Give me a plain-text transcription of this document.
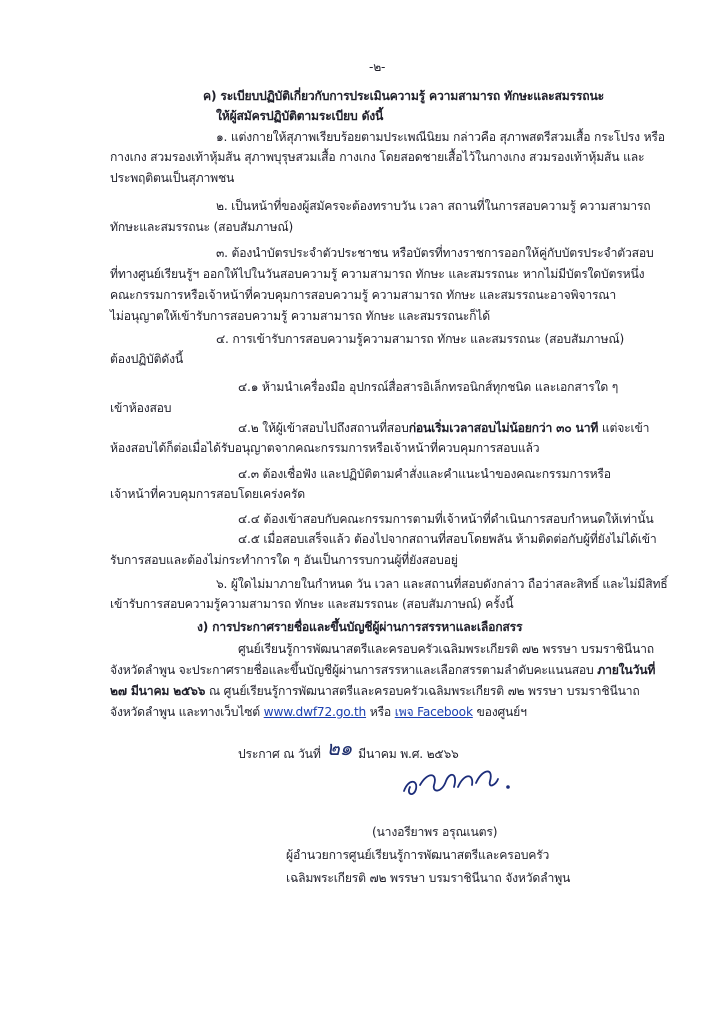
-๒-
ค) ระเบียบปฏิบัติเกี่ยวกับการประเมินความรู้ ความสามารถ ทักษะและสมรรถนะ
ให้ผู้สมัครปฏิบัติตามระเบียบ ดังนี้
๑. แต่งกายให้สุภาพเรียบร้อยตามประเพณีนิยม กล่าวคือ สุภาพสตรีสวมเสื้อ กระโปรง หรือ
กางเกง สวมรองเท้าหุ้มส้น สุภาพบุรุษสวมเสื้อ กางเกง โดยสอดชายเสื้อไว้ในกางเกง สวมรองเท้าหุ้มส้น และ
ประพฤติตนเป็นสุภาพชน
๒. เป็นหน้าที่ของผู้สมัครจะต้องทราบวัน เวลา สถานที่ในการสอบความรู้ ความสามารถ
ทักษะและสมรรถนะ (สอบสัมภาษณ์)
๓. ต้องนำบัตรประจำตัวประชาชน หรือบัตรที่ทางราชการออกให้คู่กับบัตรประจำตัวสอบ
ที่ทางศูนย์เรียนรู้ฯ ออกให้ไปในวันสอบความรู้ ความสามารถ ทักษะ และสมรรถนะ หากไม่มีบัตรใดบัตรหนึ่ง
คณะกรรมการหรือเจ้าหน้าที่ควบคุมการสอบความรู้ ความสามารถ ทักษะ และสมรรถนะอาจพิจารณา
ไม่อนุญาตให้เข้ารับการสอบความรู้ ความสามารถ ทักษะ และสมรรถนะก็ได้
๔. การเข้ารับการสอบความรู้ความสามารถ ทักษะ และสมรรถนะ (สอบสัมภาษณ์)
ต้องปฏิบัติดังนี้
๔.๑ ห้ามนำเครื่องมือ อุปกรณ์สื่อสารอิเล็กทรอนิกส์ทุกชนิด และเอกสารใด ๆ
เข้าห้องสอบ
๔.๒ ให้ผู้เข้าสอบไปถึงสถานที่สอบก่อนเริ่มเวลาสอบไม่น้อยกว่า ๓๐ นาที แต่จะเข้า
ห้องสอบได้ก็ต่อเมื่อได้รับอนุญาตจากคณะกรรมการหรือเจ้าหน้าที่ควบคุมการสอบแล้ว
๔.๓ ต้องเชื่อฟัง และปฏิบัติตามคำสั่งและคำแนะนำของคณะกรรมการหรือ
เจ้าหน้าที่ควบคุมการสอบโดยเคร่งครัด
๔.๔ ต้องเข้าสอบกับคณะกรรมการตามที่เจ้าหน้าที่ดำเนินการสอบกำหนดให้เท่านั้น
๔.๕ เมื่อสอบเสร็จแล้ว ต้องไปจากสถานที่สอบโดยพลัน ห้ามติดต่อกับผู้ที่ยังไม่ได้เข้า
รับการสอบและต้องไม่กระทำการใด ๆ อันเป็นการรบกวนผู้ที่ยังสอบอยู่
๖. ผู้ใดไม่มาภายในกำหนด วัน เวลา และสถานที่สอบดังกล่าว ถือว่าสละสิทธิ์ และไม่มีสิทธิ์
เข้ารับการสอบความรู้ความสามารถ ทักษะ และสมรรถนะ (สอบสัมภาษณ์) ครั้งนี้
ง) การประกาศรายชื่อและขึ้นบัญชีผู้ผ่านการสรรหาและเลือกสรร
ศูนย์เรียนรู้การพัฒนาสตรีและครอบครัวเฉลิมพระเกียรติ ๗๒ พรรษา บรมราชินีนาถ
จังหวัดลำพูน จะประกาศรายชื่อและขึ้นบัญชีผู้ผ่านการสรรหาและเลือกสรรตามลำดับคะแนนสอบ ภายในวันที่
๒๗ มีนาคม ๒๕๖๖ ณ ศูนย์เรียนรู้การพัฒนาสตรีและครอบครัวเฉลิมพระเกียรติ ๗๒ พรรษา บรมราชินีนาถ
จังหวัดลำพูน และทางเว็บไซต์ www.dwf72.go.th หรือ เพจ Facebook ของศูนย์ฯ
ประกาศ ณ วันที่ ๒๑ มีนาคม พ.ศ. ๒๕๖๖
(นางอรียาพร อรุณเนตร)
ผู้อำนวยการศูนย์เรียนรู้การพัฒนาสตรีและครอบครัว
เฉลิมพระเกียรติ ๗๒ พรรษา บรมราชินีนาถ จังหวัดลำพูน
